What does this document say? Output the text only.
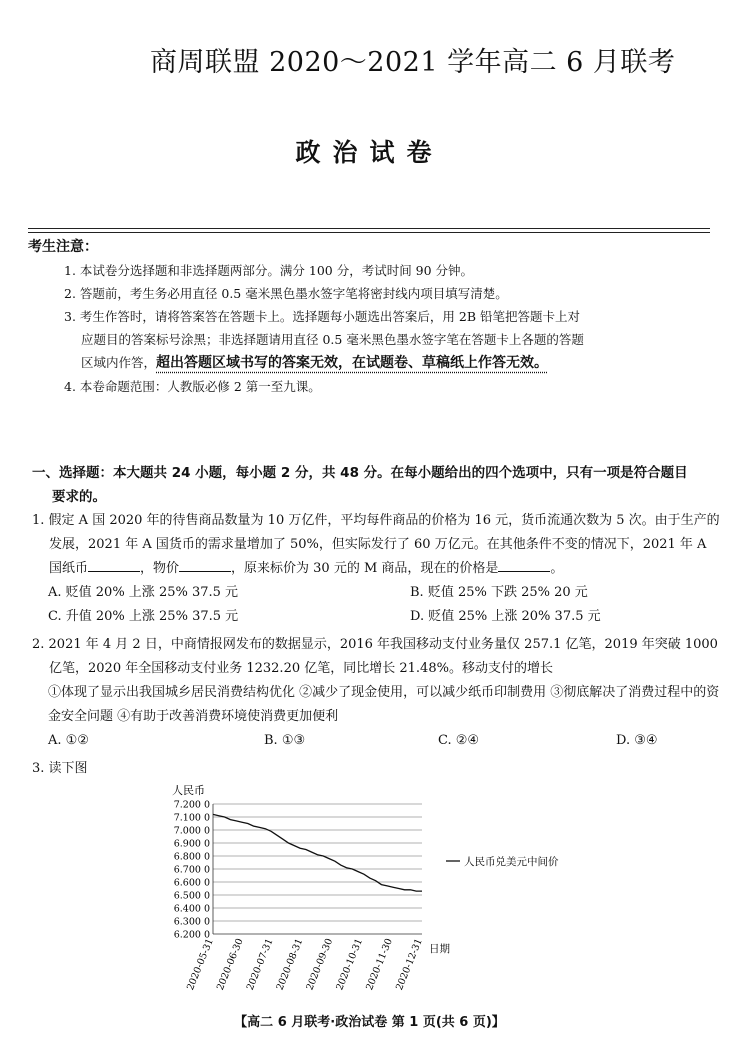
商周联盟 2020～2021 学年高二 6 月联考
政治试卷
考生注意：

1. 本试卷分选择题和非选择题两部分。满分 100 分，考试时间 90 分钟。

2. 答题前，考生务必用直径 0.5 毫米黑色墨水签字笔将密封线内项目填写清楚。

3. 考生作答时，请将答案答在答题卡上。选择题每小题选出答案后，用 2B 铅笔把答题卡上对应题目的答案标号涂黑；非选择题请用直径 0.5 毫米黑色墨水签字笔在答题卡上各题的答题区域内作答，超出答题区域书写的答案无效，在试题卷、草稿纸上作答无效。

4. 本卷命题范围：人教版必修 2 第一至九课。

一、选择题：本大题共 24 小题，每小题 2 分，共 48 分。在每小题给出的四个选项中，只有一项是符合题目
要求的。
1. 假定 A 国 2020 年的待售商品数量为 10 万亿件，平均每件商品的价格为 16 元，货币流通次数为 5 次。由于生产的发展，2021 年 A 国货币的需求量增加了 50%，但实际发行了 60 万亿元。在其他条件不变的情况下，2021 年 A 国纸币	，物价	，原来标价为 30 元的 M 商品，现在的价格是	。
A. 贬值 20% 上涨 25% 37.5 元	B. 贬值 25% 下跌 25% 20 元
C. 升值 20% 上涨 25% 37.5 元	D. 贬值 25% 上涨 20% 37.5 元
2. 2021 年 4 月 2 日，中商情报网发布的数据显示，2016 年我国移动支付业务量仅 257.1 亿笔，2019 年突破 1000 亿笔，2020 年全国移动支付业务 1232.20 亿笔，同比增长 21.48%。移动支付的增长
①体现了显示出我国城乡居民消费结构优化 ②减少了现金使用，可以减少纸币印制费用 ③彻底解决了消费过程中的资金安全问题 ④有助于改善消费环境使消费更加便利
A. ①②	B. ①③	C. ②④	D. ③④
3. 读下图
人民币
7.200 0
7.100 0
7.000 0
6.900 0
6.800 0
6.700 0
6.600 0
6.500 0
6.400 0
6.300 0
6.200 0
2020-05-31 2020-06-30 2020-07-31 2020-08-31 2020-09-30 2020-10-31 2020-11-30 2020-12-31
人民币兑美元中间价
日期
【高二 6 月联考·政治试卷 第 1 页(共 6 页)】
